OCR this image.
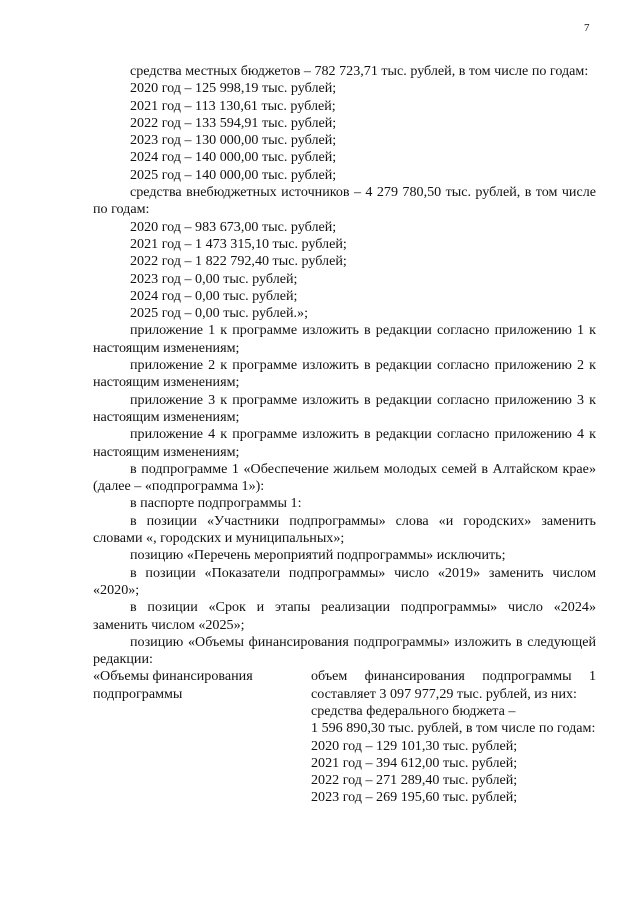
7

средства местных бюджетов – 782 723,71 тыс. рублей, в том числе по годам:

2020 год – 125 998,19 тыс. рублей;

2021 год – 113 130,61 тыс. рублей;

2022 год – 133 594,91 тыс. рублей;

2023 год – 130 000,00 тыс. рублей;

2024 год – 140 000,00 тыс. рублей;

2025 год – 140 000,00 тыс. рублей;

средства внебюджетных источников – 4 279 780,50 тыс. рублей, в том числе по годам:

2020 год – 983 673,00 тыс. рублей;

2021 год – 1 473 315,10 тыс. рублей;

2022 год – 1 822 792,40 тыс. рублей;

2023 год – 0,00 тыс. рублей;

2024 год – 0,00 тыс. рублей;

2025 год – 0,00 тыс. рублей.»;

приложение 1 к программе изложить в редакции согласно приложению 1 к настоящим изменениям;

приложение 2 к программе изложить в редакции согласно приложению 2 к настоящим изменениям;

приложение 3 к программе изложить в редакции согласно приложению 3 к настоящим изменениям;

приложение 4 к программе изложить в редакции согласно приложению 4 к настоящим изменениям;

в подпрограмме 1 «Обеспечение жильем молодых семей в Алтайском крае» (далее – «подпрограмма 1»):

в паспорте подпрограммы 1:

в позиции «Участники подпрограммы» слова «и городских» заменить словами «, городских и муниципальных»;

позицию «Перечень мероприятий подпрограммы» исключить;

в позиции «Показатели подпрограммы» число «2019» заменить числом «2020»;

в позиции «Срок и этапы реализации подпрограммы» число «2024» заменить числом «2025»;

позицию «Объемы финансирования подпрограммы» изложить в следующей редакции:

«Объемы финансирования подпрограммы

объем финансирования подпрограммы 1 составляет 3 097 977,29 тыс. рублей, из них:

средства федерального бюджета –

1 596 890,30 тыс. рублей, в том числе по годам:

2020 год – 129 101,30 тыс. рублей;

2021 год – 394 612,00 тыс. рублей;

2022 год – 271 289,40 тыс. рублей;

2023 год – 269 195,60 тыс. рублей;
